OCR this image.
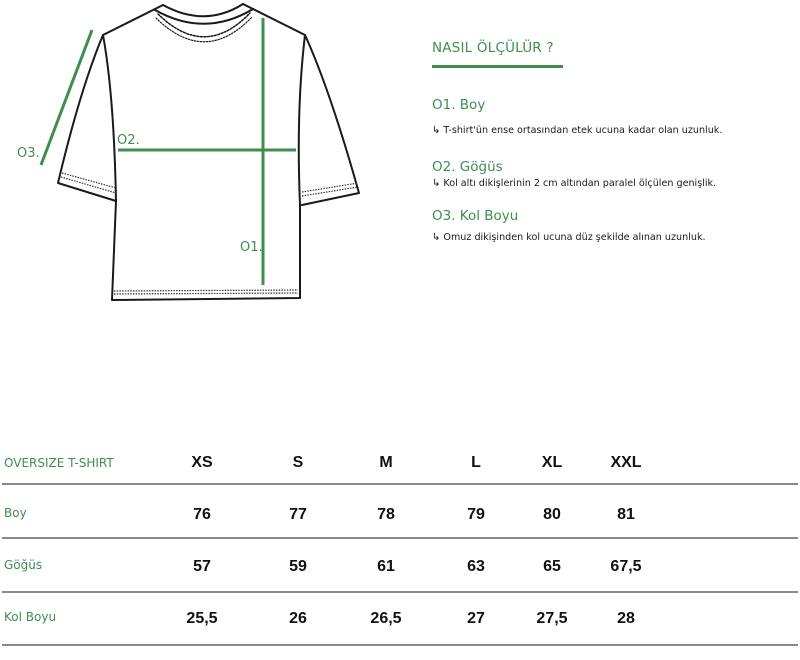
O1.
O2.
O3.
NASIL ÖLÇÜLÜR ?
O1. Boy
↳ T-shirt'ün ense ortasından etek ucuna kadar olan uzunluk.
O2. Göğüs
↳ Kol altı dikişlerinin 2 cm altından paralel ölçülen genişlik.
O3. Kol Boyu
↳ Omuz dikişinden kol ucuna düz şekilde alınan uzunluk.
OVERSIZE T-SHIRT	XS	S	M	L	XL	XXL
Boy	76	77	78	79	80	81
Göğüs	57	59	61	63	65	67,5
Kol Boyu	25,5	26	26,5	27	27,5	28
